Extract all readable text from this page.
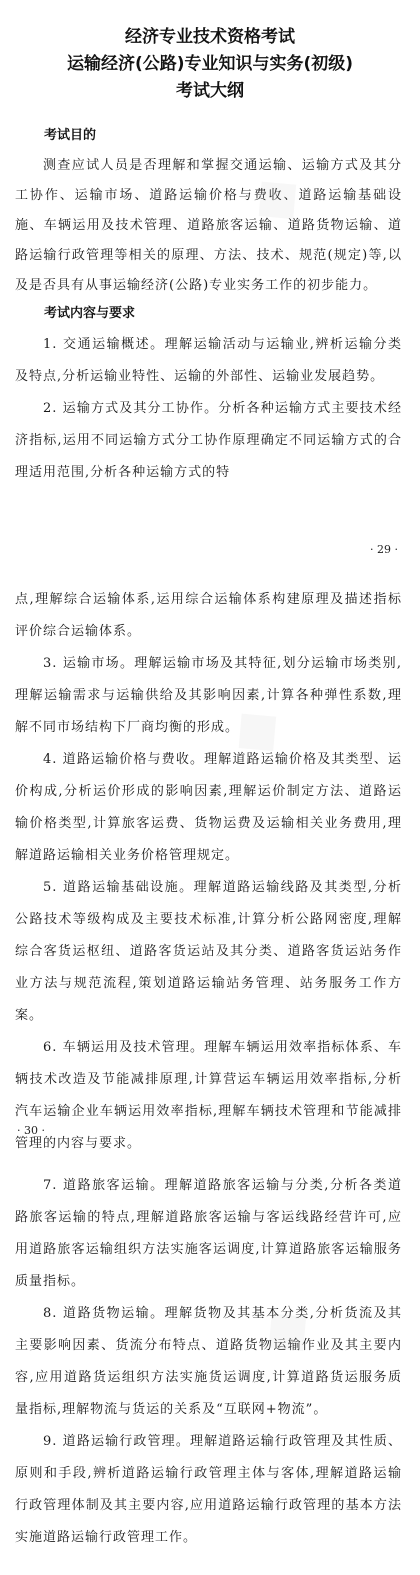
◆

经济专业技术资格考试

运输经济(公路)专业知识与实务(初级)

考试大纲

考试目的

测查应试人员是否理解和掌握交通运输、运输方式及其分工协作、运输市场、道路运输价格与费收、道路运输基础设施、车辆运用及技术管理、道路旅客运输、道路货物运输、道路运输行政管理等相关的原理、方法、技术、规范(规定)等,以及是否具有从事运输经济(公路)专业实务工作的初步能力。

考试内容与要求

1. 交通运输概述。理解运输活动与运输业,辨析运输分类及特点,分析运输业特性、运输的外部性、运输业发展趋势。

2. 运输方式及其分工协作。分析各种运输方式主要技术经济指标,运用不同运输方式分工协作原理确定不同运输方式的合理适用范围,分析各种运输方式的特

· 29 ·
◆

点,理解综合运输体系,运用综合运输体系构建原理及描述指标评价综合运输体系。

3. 运输市场。理解运输市场及其特征,划分运输市场类别,理解运输需求与运输供给及其影响因素,计算各种弹性系数,理解不同市场结构下厂商均衡的形成。

4. 道路运输价格与费收。理解道路运输价格及其类型、运价构成,分析运价形成的影响因素,理解运价制定方法、道路运输价格类型,计算旅客运费、货物运费及运输相关业务费用,理解道路运输相关业务价格管理规定。

5. 道路运输基础设施。理解道路运输线路及其类型,分析公路技术等级构成及主要技术标准,计算分析公路网密度,理解综合客货运枢纽、道路客货运站及其分类、道路客货运站务作业方法与规范流程,策划道路运输站务管理、站务服务工作方案。

6. 车辆运用及技术管理。理解车辆运用效率指标体系、车辆技术改造及节能减排原理,计算营运车辆运用效率指标,分析汽车运输企业车辆运用效率指标,理解车辆技术管理和节能减排管理的内容与要求。

· 30 ·
◆

7. 道路旅客运输。理解道路旅客运输与分类,分析各类道路旅客运输的特点,理解道路旅客运输与客运线路经营许可,应用道路旅客运输组织方法实施客运调度,计算道路旅客运输服务质量指标。

8. 道路货物运输。理解货物及其基本分类,分析货流及其主要影响因素、货流分布特点、道路货物运输作业及其主要内容,应用道路货运组织方法实施货运调度,计算道路货运服务质量指标,理解物流与货运的关系及“互联网+物流”。

9. 道路运输行政管理。理解道路运输行政管理及其性质、原则和手段,辨析道路运输行政管理主体与客体,理解道路运输行政管理体制及其主要内容,应用道路运输行政管理的基本方法实施道路运输行政管理工作。
